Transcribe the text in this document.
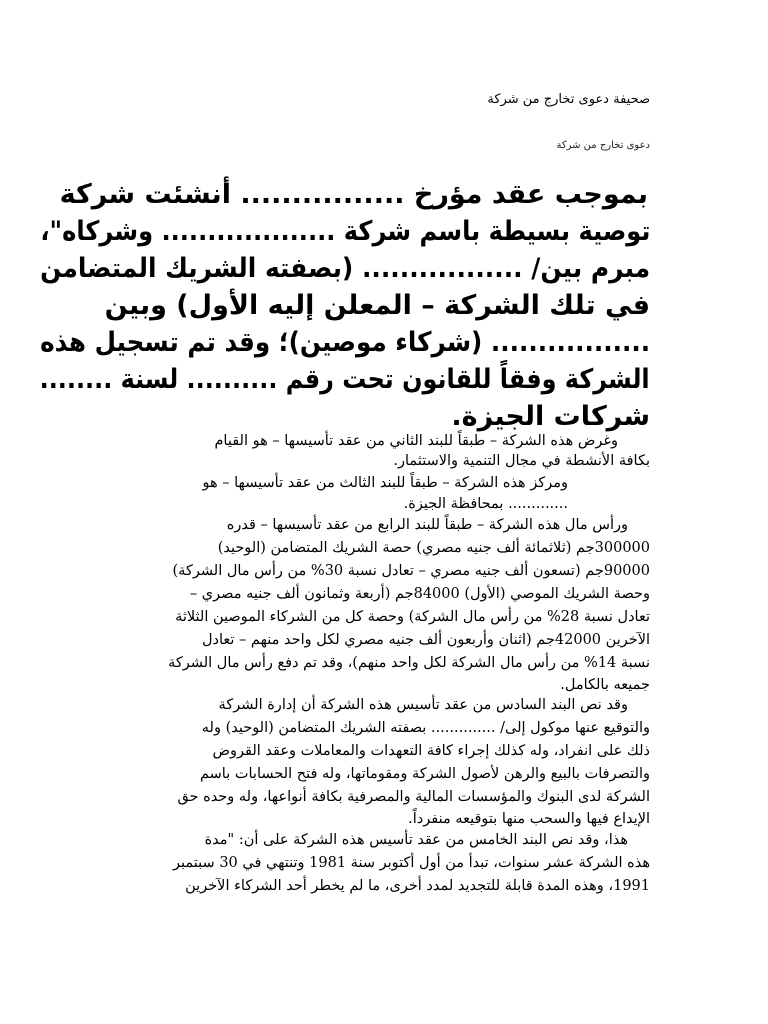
صحيفة دعوى تخارج من شركة
دعوى تخارج من شركة
بموجب عقد مؤرخ ................ أنشئت شركة
توصية بسيطة باسم شركة ................... وشركاه"،
مبرم بين/ ................. (بصفته الشريك المتضامن
في تلك الشركة – المعلن إليه الأول) وبين
................. (شركاء موصين)؛ وقد تم تسجيل هذه
الشركة وفقاً للقانون تحت رقم .......... لسنة ........
شركات الجيزة.
وغرض هذه الشركة – طبقاً للبند الثاني من عقد تأسيسها – هو القيام
بكافة الأنشطة في مجال التنمية والاستثمار.
ومركز هذه الشركة – طبقاً للبند الثالث من عقد تأسيسها – هو
............. بمحافظة الجيزة.
ورأس مال هذه الشركة – طبقاً للبند الرابع من عقد تأسيسها – قدره
300000جم (ثلاثمائة ألف جنيه مصري) حصة الشريك المتضامن (الوحيد)
90000جم (تسعون ألف جنيه مصري – تعادل نسبة 30% من رأس مال الشركة)
وحصة الشريك الموصي (الأول) 84000جم (أربعة وثمانون ألف جنيه مصري –
تعادل نسبة 28% من رأس مال الشركة) وحصة كل من الشركاء الموصين الثلاثة
الآخرين 42000جم (اثنان وأربعون ألف جنيه مصري لكل واحد منهم – تعادل
نسبة 14% من رأس مال الشركة لكل واحد منهم)، وقد تم دفع رأس مال الشركة
جميعه بالكامل.
وقد نص البند السادس من عقد تأسيس هذه الشركة أن إدارة الشركة
والتوقيع عنها موكول إلى/ .............. بصفته الشريك المتضامن (الوحيد) وله
ذلك على انفراد، وله كذلك إجراء كافة التعهدات والمعاملات وعقد القروض
والتصرفات بالبيع والرهن لأصول الشركة ومقوماتها، وله فتح الحسابات باسم
الشركة لدى البنوك والمؤسسات المالية والمصرفية بكافة أنواعها، وله وحده حق
الإيداع فيها والسحب منها بتوقيعه منفرداً.
هذا، وقد نص البند الخامس من عقد تأسيس هذه الشركة على أن: "مدة
هذه الشركة عشر سنوات، تبدأ من أول أكتوبر سنة 1981 وتنتهي في 30 سبتمبر
1991، وهذه المدة قابلة للتجديد لمدد أخرى، ما لم يخطر أحد الشركاء الآخرين
